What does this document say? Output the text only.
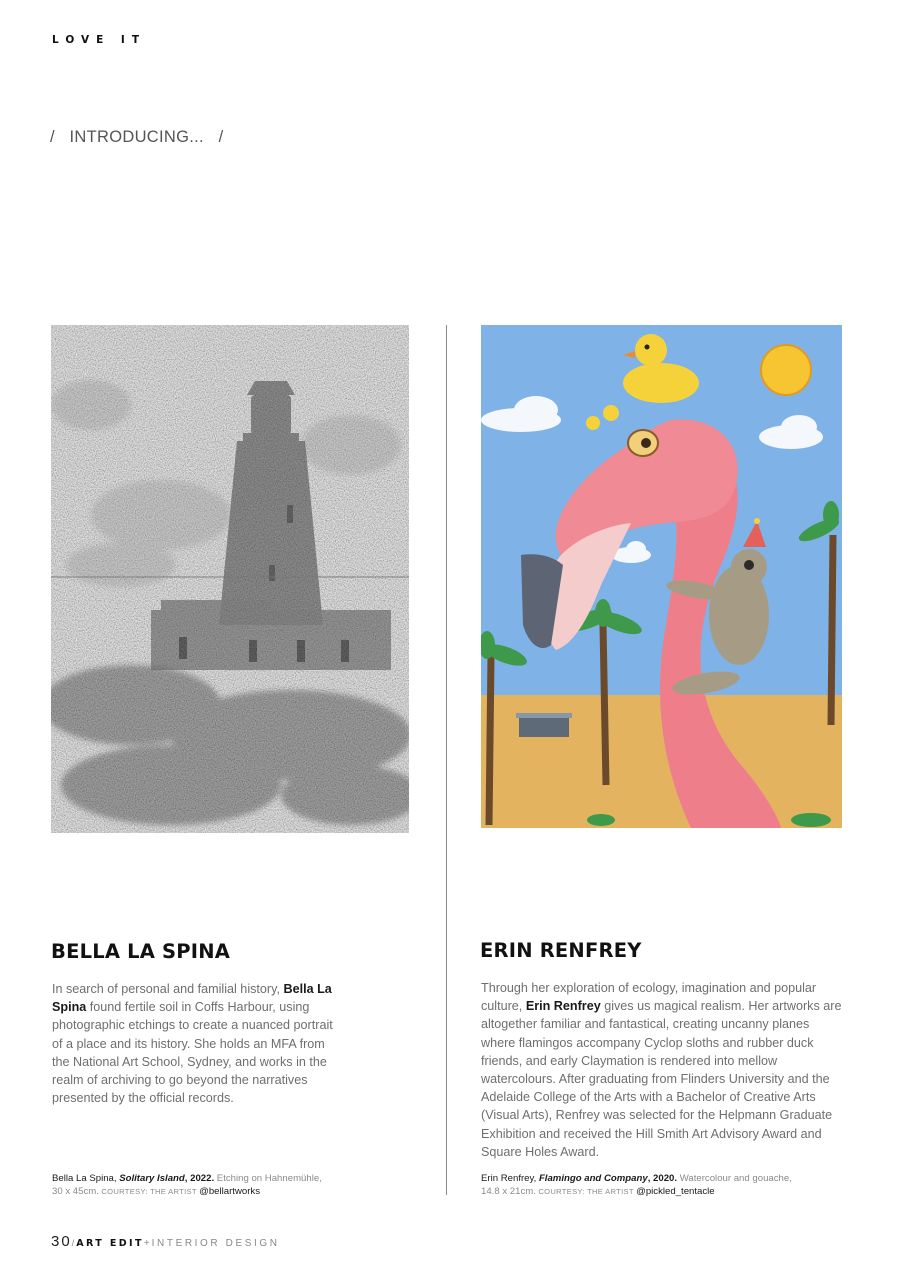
LOVE IT
/ INTRODUCING... /
BELLA LA SPINA	ERIN RENFREY

In search of personal and familial history, Bella La Spina found fertile soil in Coffs Harbour, using photographic etchings to create a nuanced portrait of a place and its history. She holds an MFA from the National Art School, Sydney, and works in the realm of archiving to go beyond the narratives presented by the official records.

Through her exploration of ecology, imagination and popular culture, Erin Renfrey gives us magical realism. Her artworks are altogether familiar and fantastical, creating uncanny planes where flamingos accompany Cyclop sloths and rubber duck friends, and early Claymation is rendered into mellow watercolours. After graduating from Flinders University and the Adelaide College of the Arts with a Bachelor of Creative Arts (Visual Arts), Renfrey was selected for the Helpmann Graduate Exhibition and received the Hill Smith Art Advisory Award and Square Holes Award.

Bella La Spina, Solitary Island, 2022. Etching on Hahnemühle,
30 x 45cm. COURTESY: THE ARTIST @bellartworks

Erin Renfrey, Flamingo and Company, 2020. Watercolour and gouache,
14.8 x 21cm. COURTESY: THE ARTIST @pickled_tentacle

30 / ART EDIT + INTERIOR DESIGN
